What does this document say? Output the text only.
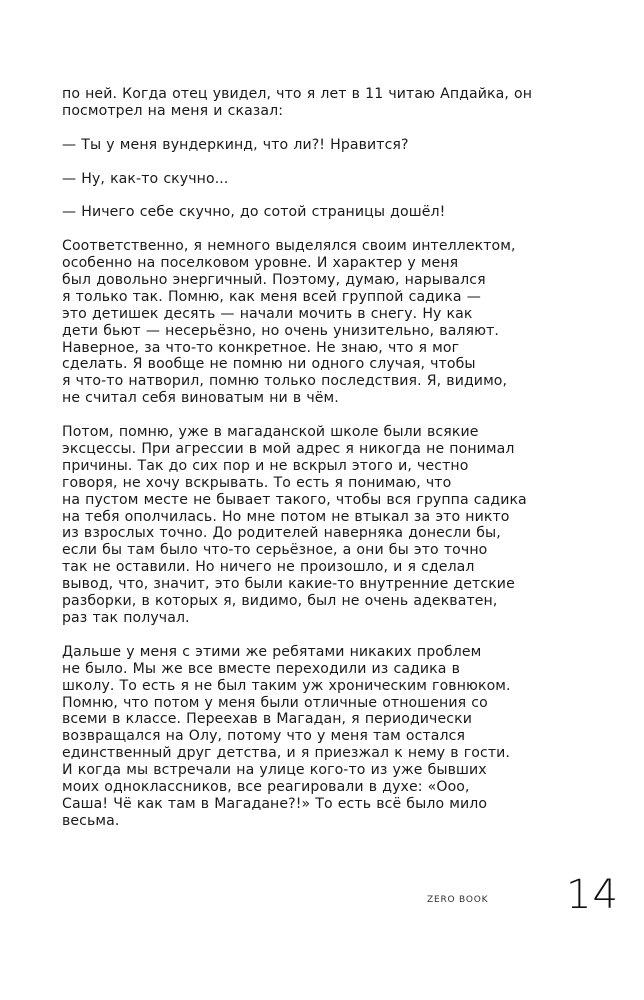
по ней. Когда отец увидел, что я лет в 11 читаю Апдайка, он
посмотрел на меня и сказал:

— Ты у меня вундеркинд, что ли?! Нравится?

— Ну, как-то скучно...

— Ничего себе скучно, до сотой страницы дошёл!

Соответственно, я немного выделялся своим интеллектом,
особенно на поселковом уровне. И характер у меня
был довольно энергичный. Поэтому, думаю, нарывался
я только так. Помню, как меня всей группой садика —
это детишек десять — начали мочить в снегу. Ну как
дети бьют — несерьёзно, но очень унизительно, валяют.
Наверное, за что-то конкретное. Не знаю, что я мог
сделать. Я вообще не помню ни одного случая, чтобы
я что-то натворил, помню только последствия. Я, видимо,
не считал себя виноватым ни в чём.

Потом, помню, уже в магаданской школе были всякие
эксцессы. При агрессии в мой адрес я никогда не понимал
причины. Так до сих пор и не вскрыл этого и, честно
говоря, не хочу вскрывать. То есть я понимаю, что
на пустом месте не бывает такого, чтобы вся группа садика
на тебя ополчилась. Но мне потом не втыкал за это никто
из взрослых точно. До родителей наверняка донесли бы,
если бы там было что-то серьёзное, а они бы это точно
так не оставили. Но ничего не произошло, и я сделал
вывод, что, значит, это были какие-то внутренние детские
разборки, в которых я, видимо, был не очень адекватен,
раз так получал.

Дальше у меня с этими же ребятами никаких проблем
не было. Мы же все вместе переходили из садика в
школу. То есть я не был таким уж хроническим говнюком.
Помню, что потом у меня были отличные отношения со
всеми в классе. Переехав в Магадан, я периодически
возвращался на Олу, потому что у меня там остался
единственный друг детства, и я приезжал к нему в гости.
И когда мы встречали на улице кого-то из уже бывших
моих одноклассников, все реагировали в духе: «Ооо,
Саша! Чё как там в Магадане?!» То есть всё было мило
весьма.

ZERO BOOK 14
